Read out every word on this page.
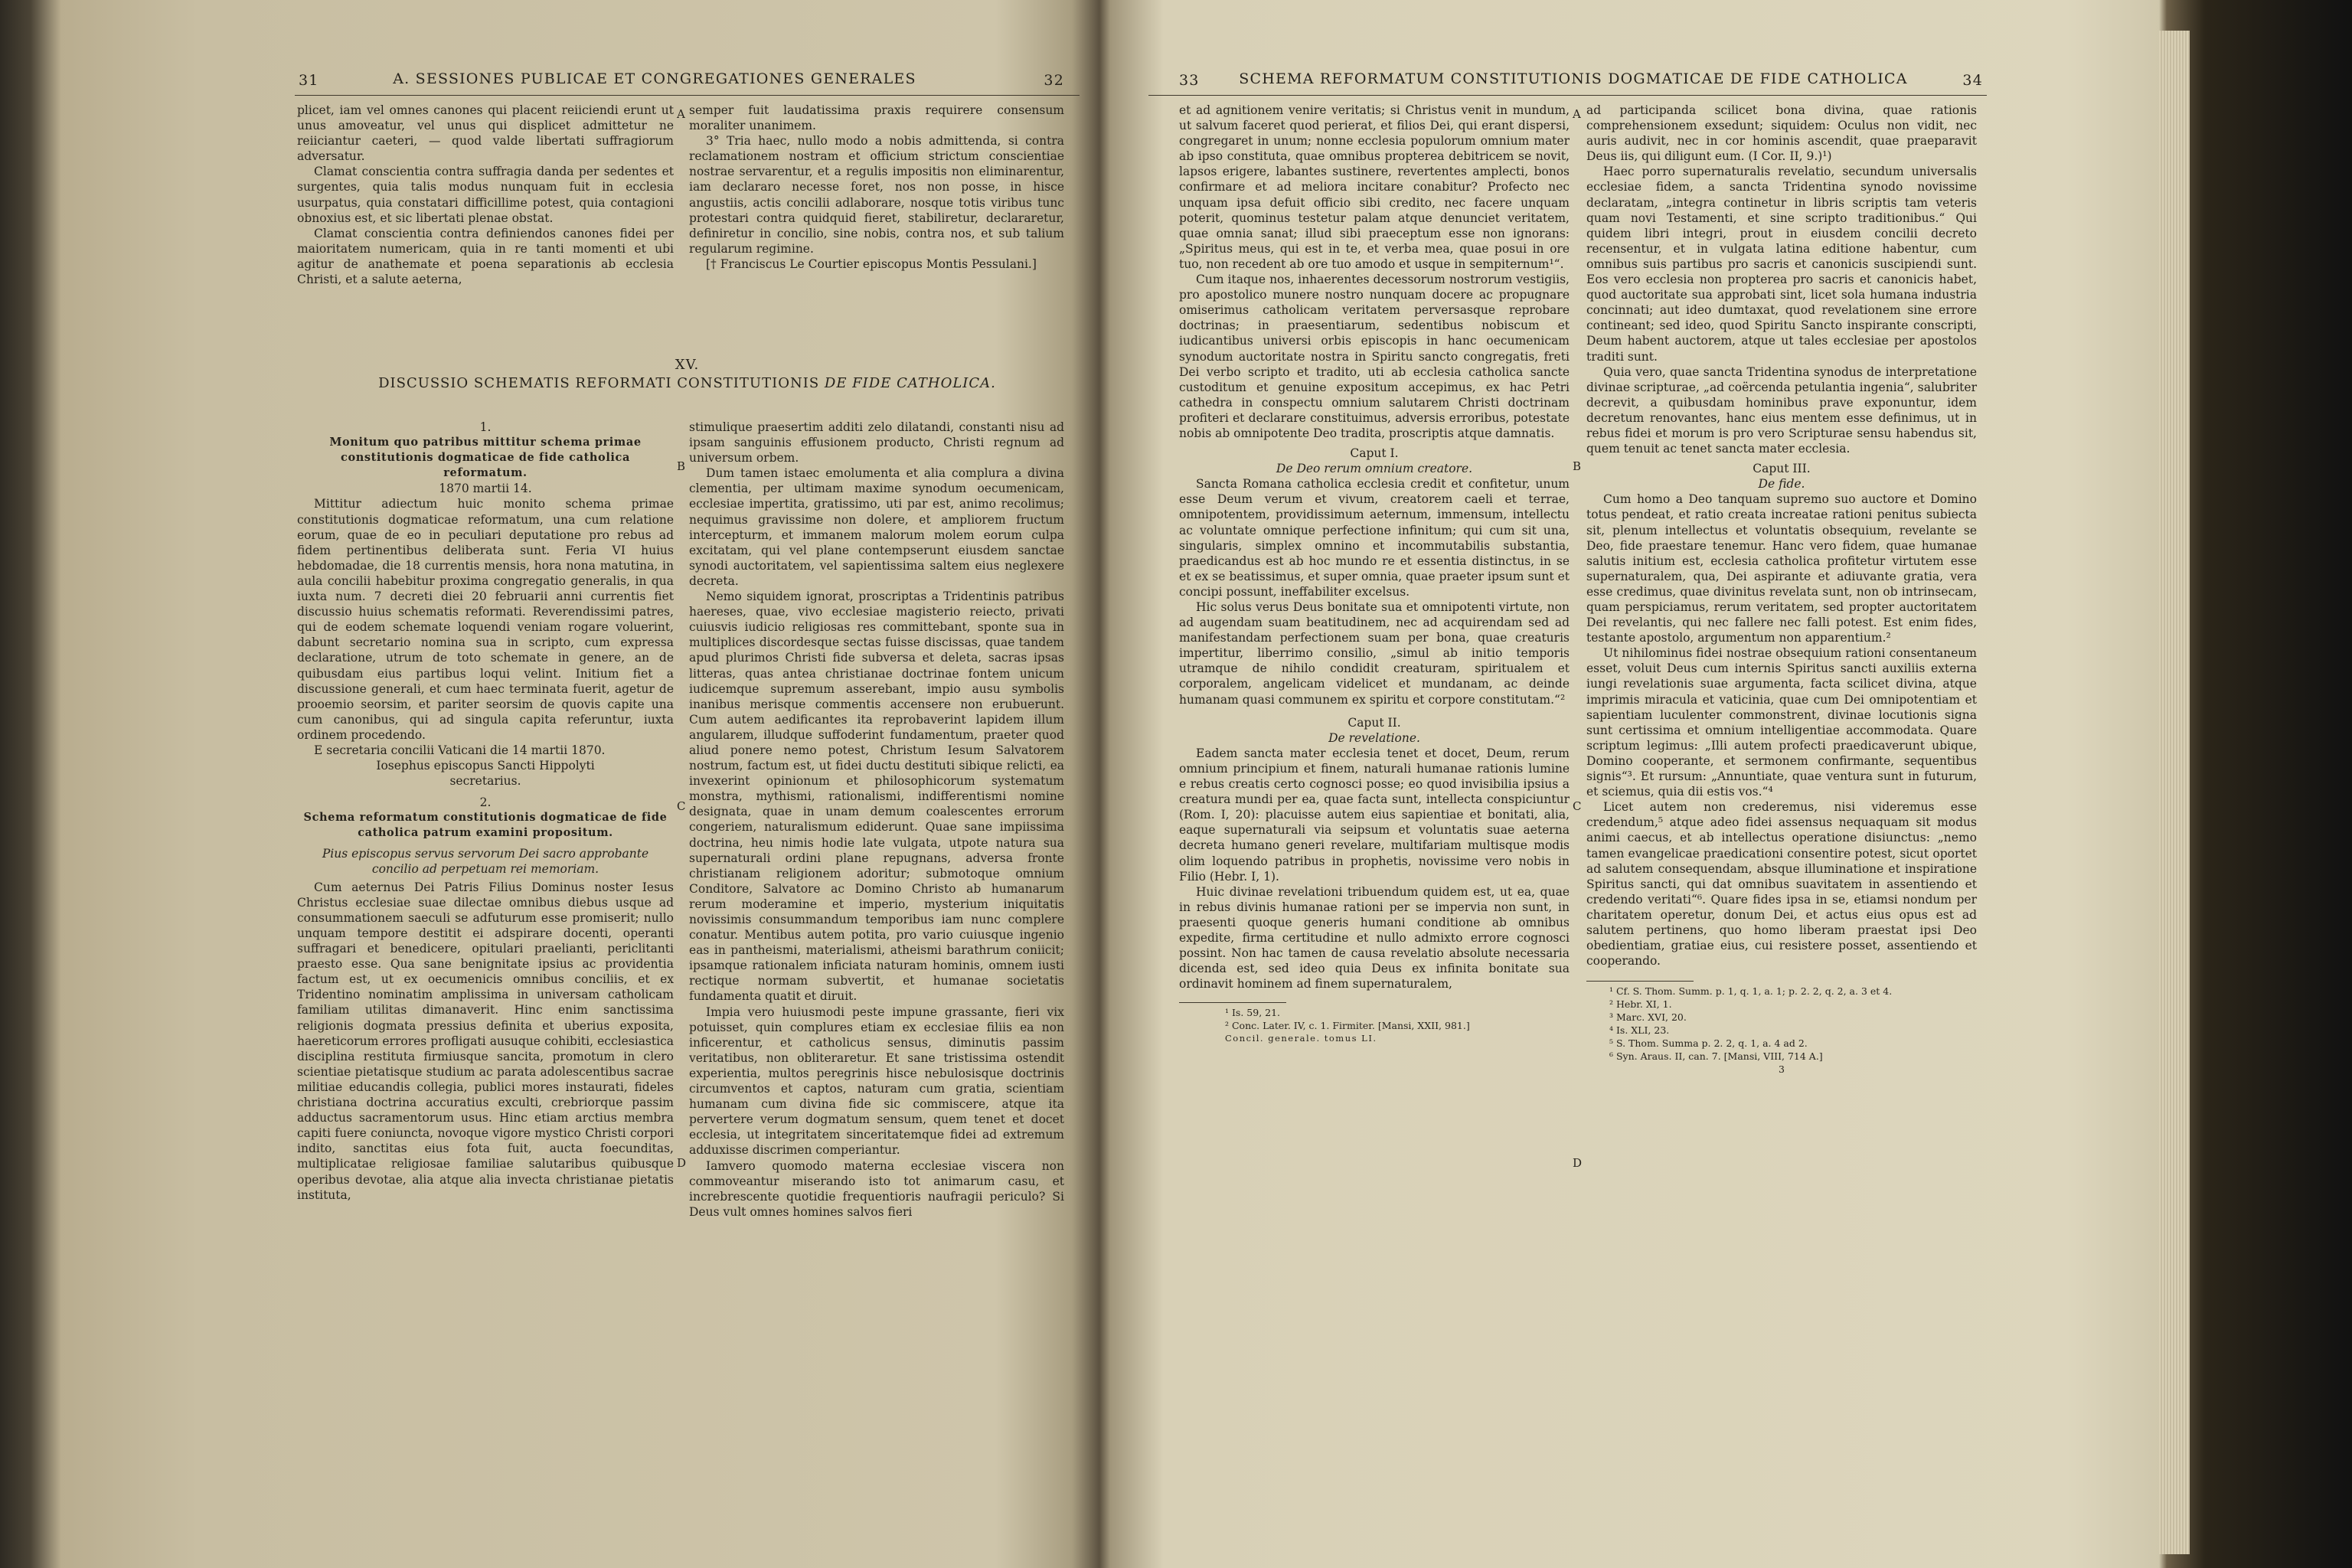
31	A. SESSIONES PUBLICAE ET CONGREGATIONES GENERALES	32

plicet, iam vel omnes canones qui placent reiiciendi erunt ut unus amoveatur, vel unus qui displicet admittetur ne reiiciantur caeteri, — quod valde libertati suffragiorum adversatur.

Clamat conscientia contra suffragia danda per sedentes et surgentes, quia talis modus nunquam fuit in ecclesia usurpatus, quia constatari difficillime potest, quia contagioni obnoxius est, et sic libertati plenae obstat.

Clamat conscientia contra definiendos canones fidei per maioritatem numericam, quia in re tanti momenti et ubi agitur de anathemate et poena separationis ab ecclesia Christi, et a salute aeterna,

semper fuit laudatissima praxis requirere consensum moraliter unanimem.

3° Tria haec, nullo modo a nobis admittenda, si contra reclamationem nostram et officium strictum conscientiae nostrae servarentur, et a regulis impositis non eliminarentur, iam declararo necesse foret, nos non posse, in hisce angustiis, actis concilii adlaborare, nosque totis viribus tunc protestari contra quidquid fieret, stabiliretur, declararetur, definiretur in concilio, sine nobis, contra nos, et sub talium regularum regimine.

[† Franciscus Le Courtier episcopus Montis Pessulani.]

XV.
DISCUSSIO SCHEMATIS REFORMATI CONSTITUTIONIS DE FIDE CATHOLICA.

1.

Monitum quo patribus mittitur schema primae constitutionis dogmaticae de fide catholica reformatum.

1870 martii 14.

Mittitur adiectum huic monito schema primae constitutionis dogmaticae reformatum, una cum relatione eorum, quae de eo in peculiari deputatione pro rebus ad fidem pertinentibus deliberata sunt. Feria VI huius hebdomadae, die 18 currentis mensis, hora nona matutina, in aula concilii habebitur proxima congregatio generalis, in qua iuxta num. 7 decreti diei 20 februarii anni currentis fiet discussio huius schematis reformati. Reverendissimi patres, qui de eodem schemate loquendi veniam rogare voluerint, dabunt secretario nomina sua in scripto, cum expressa declaratione, utrum de toto schemate in genere, an de quibusdam eius partibus loqui velint. Initium fiet a discussione generali, et cum haec terminata fuerit, agetur de prooemio seorsim, et pariter seorsim de quovis capite una cum canonibus, qui ad singula capita referuntur, iuxta ordinem procedendo.

E secretaria concilii Vaticani die 14 martii 1870.

Iosephus episcopus Sancti Hippolyti

secretarius.

2.

Schema reformatum constitutionis dogmaticae de fide catholica patrum examini propositum.

Pius episcopus servus servorum Dei sacro approbante concilio ad perpetuam rei memoriam.

Cum aeternus Dei Patris Filius Dominus noster Iesus Christus ecclesiae suae dilectae omnibus diebus usque ad consummationem saeculi se adfuturum esse promiserit; nullo unquam tempore destitit ei adspirare docenti, operanti suffragari et benedicere, opitulari praelianti, periclitanti praesto esse. Qua sane benignitate ipsius ac providentia factum est, ut ex oecumenicis omnibus conciliis, et ex Tridentino nominatim amplissima in universam catholicam familiam utilitas dimanaverit. Hinc enim sanctissima religionis dogmata pressius definita et uberius exposita, haereticorum errores profligati ausuque cohibiti, ecclesiastica disciplina restituta firmiusque sancita, promotum in clero scientiae pietatisque studium ac parata adolescentibus sacrae militiae educandis collegia, publici mores instaurati, fideles christiana doctrina accuratius exculti, crebriorque passim adductus sacramentorum usus. Hinc etiam arctius membra capiti fuere coniuncta, novoque vigore mystico Christi corpori indito, sanctitas eius fota fuit, aucta foecunditas, multiplicataе religiosae familiae salutaribus quibusque operibus devotae, alia atque alia invecta christianae pietatis instituta,

stimulique praesertim additi zelo dilatandi, constanti nisu ad ipsam sanguinis effusionem producto, Christi regnum ad universum orbem.

Dum tamen istaec emolumenta et alia complura a divina clementia, per ultimam maxime synodum oecumenicam, ecclesiae impertita, gratissimo, uti par est, animo recolimus; nequimus gravissime non dolere, et ampliorem fructum intercepturm, et immanem malorum molem eorum culpa excitatam, qui vel plane contempserunt eiusdem sanctae synodi auctoritatem, vel sapientissima saltem eius neglexere decreta.

Nemo siquidem ignorat, proscriptas a Tridentinis patribus haereses, quae, vivo ecclesiae magisterio reiecto, privati cuiusvis iudicio religiosas res committebant, sponte sua in multiplices discordesque sectas fuisse discissas, quae tandem apud plurimos Christi fide subversa et deleta, sacras ipsas litteras, quas antea christianae doctrinae fontem unicum iudicemque supremum asserebant, impio ausu symbolis inanibus merisque commentis accensere non erubuerunt. Cum autem aedificantes ita reprobaverint lapidem illum angularem, illudque suffoderint fundamentum, praeter quod aliud ponere nemo potest, Christum Iesum Salvatorem nostrum, factum est, ut fidei ductu destituti sibique relicti, ea invexerint opinionum et philosophicorum systematum monstra, mythismi, rationalismi, indifferentismi nomine designata, quae in unam demum coalescentes errorum congeriem, naturalismum ediderunt. Quae sane impiissima doctrina, heu nimis hodie late vulgata, utpote natura sua supernaturali ordini plane repugnans, adversa fronte christianam religionem adoritur; submotoque omnium Conditore, Salvatore ac Domino Christo ab humanarum rerum moderamine et imperio, mysterium iniquitatis novissimis consummandum temporibus iam nunc complere conatur. Mentibus autem potita, pro vario cuiusque ingenio eas in pantheismi, materialismi, atheismi barathrum coniicit; ipsamque rationalem inficiata naturam hominis, omnem iusti rectique normam subvertit, et humanae societatis fundamenta quatit et diruit.

Impia vero huiusmodi peste impune grassante, fieri vix potuisset, quin complures etiam ex ecclesiae filiis ea non inficerentur, et catholicus sensus, diminutis passim veritatibus, non obliteraretur. Et sane tristissima ostendit experientia, multos peregrinis hisce nebulosisque doctrinis circumventos et captos, naturam cum gratia, scientiam humanam cum divina fide sic commiscere, atque ita pervertere verum dogmatum sensum, quem tenet et docet ecclesia, ut integritatem sinceritatemque fidei ad extremum adduxisse discrimen comperiantur.

Iamvero quomodo materna ecclesiae viscera non commoveantur miserando isto tot animarum casu, et increbrescente quotidie frequentioris naufragii periculo? Si Deus vult omnes homines salvos fieri

A
B
C
D
33	SCHEMA REFORMATUM CONSTITUTIONIS DOGMATICAE DE FIDE CATHOLICA	34

et ad agnitionem venire veritatis; si Christus venit in mundum, ut salvum faceret quod perierat, et filios Dei, qui erant dispersi, congregaret in unum; nonne ecclesia populorum omnium mater ab ipso constituta, quae omnibus propterea debitricem se novit, lapsos erigere, labantes sustinere, revertentes amplecti, bonos confirmare et ad meliora incitare conabitur? Profecto nec unquam ipsa defuit officio sibi credito, nec facere unquam poterit, quominus testetur palam atque denunciet veritatem, quae omnia sanat; illud sibi praeceptum esse non ignorans: „Spiritus meus, qui est in te, et verba mea, quae posui in ore tuo, non recedent ab ore tuo amodo et usque in sempiternum¹“.

Cum itaque nos, inhaerentes decessorum nostrorum vestigiis, pro apostolico munere nostro nunquam docere ac propugnare omiserimus catholicam veritatem perversasque reprobare doctrinas; in praesentiarum, sedentibus nobiscum et iudicantibus universi orbis episcopis in hanc oecumenicam synodum auctoritate nostra in Spiritu sancto congregatis, freti Dei verbo scripto et tradito, uti ab ecclesia catholica sancte custoditum et genuine expositum accepimus, ex hac Petri cathedra in conspectu omnium salutarem Christi doctrinam profiteri et declarare constituimus, adversis erroribus, potestate nobis ab omnipotente Deo tradita, proscriptis atque damnatis.

Caput I.

De Deo rerum omnium creatore.

Sancta Romana catholica ecclesia credit et confitetur, unum esse Deum verum et vivum, creatorem caeli et terrae, omnipotentem, providissimum aeternum, immensum, intellectu ac voluntate omnique perfectione infinitum; qui cum sit una, singularis, simplex omnino et incommutabilis substantia, praedicandus est ab hoc mundo re et essentia distinctus, in se et ex se beatissimus, et super omnia, quae praeter ipsum sunt et concipi possunt, ineffabiliter excelsus.

Hic solus verus Deus bonitate sua et omnipotenti virtute, non ad augendam suam beatitudinem, nec ad acquirendam sed ad manifestandam perfectionem suam per bona, quae creaturis impertitur, liberrimo consilio, „simul ab initio temporis utramque de nihilo condidit creaturam, spiritualem et corporalem, angelicam videlicet et mundanam, ac deinde humanam quasi communem ex spiritu et corpore constitutam.“²

Caput II.

De revelatione.

Eadem sancta mater ecclesia tenet et docet, Deum, rerum omnium principium et finem, naturali humanae rationis lumine e rebus creatis certo cognosci posse; eo quod invisibilia ipsius a creatura mundi per ea, quae facta sunt, intellecta conspiciuntur (Rom. I, 20): placuisse autem eius sapientiae et bonitati, alia, eaque supernaturali via seipsum et voluntatis suae aeterna decreta humano generi revelare, multifariam multisque modis olim loquendo patribus in prophetis, novissime vero nobis in Filio (Hebr. I, 1).

Huic divinae revelationi tribuendum quidem est, ut ea, quae in rebus divinis humanae rationi per se imperviа non sunt, in praesenti quoque generis humani conditione ab omnibus expedite, firma certitudine et nullo admixto errore cognosci possint. Non hac tamen de causa revelatio absolute necessaria dicenda est, sed ideo quia Deus ex infinita bonitate sua ordinavit hominem ad finem supernaturalem,

¹ Is. 59, 21.

² Conc. Later. IV, c. 1. Firmiter. [Mansi, XXII, 981.]

Concil. generale. tomus LI.

ad participanda scilicet bona divina, quae rationis comprehensionem exsedunt; siquidem: Oculus non vidit, nec auris audivit, nec in cor hominis ascendit, quae praeparavit Deus iis, qui diligunt eum. (I Cor. II, 9.)¹)

Haec porro supernaturalis revelatio, secundum universalis ecclesiae fidem, a sancta Tridentina synodo novissime declaratam, „integra continetur in libris scriptis tam veteris quam novi Testamenti, et sine scripto traditionibus.“ Qui quidem libri integri, prout in eiusdem concilii decreto recensentur, et in vulgata latina editione habentur, cum omnibus suis partibus pro sacris et canonicis suscipiendi sunt. Eos vero ecclesia non propterea pro sacris et canonicis habet, quod auctoritate sua approbati sint, licet sola humana industria concinnati; aut ideo dumtaxat, quod revelationem sine errore contineant; sed ideo, quod Spiritu Sancto inspirante conscripti, Deum habent auctorem, atque ut tales ecclesiae per apostolos traditi sunt.

Quia vero, quae sancta Tridentina synodus de interpretatione divinae scripturae, „ad coërcenda petulantia ingenia“, salubriter decrevit, a quibusdam hominibus prave exponuntur, idem decretum renovantes, hanc eius mentem esse definimus, ut in rebus fidei et morum is pro vero Scripturae sensu habendus sit, quem tenuit ac tenet sancta mater ecclesia.

Caput III.

De fide.

Cum homo a Deo tanquam supremo suo auctore et Domino totus pendeat, et ratio creata increatae rationi penitus subiecta sit, plenum intellectus et voluntatis obsequium, revelante se Deo, fide praestare tenemur. Hanc vero fidem, quae humanae salutis initium est, ecclesia catholica profitetur virtutem esse supernaturalem, qua, Dei aspirante et adiuvante gratia, vera esse credimus, quae divinitus revelata sunt, non ob intrinsecam, quam perspiciamus, rerum veritatem, sed propter auctoritatem Dei revelantis, qui nec fallere nec falli potest. Est enim fides, testante apostolo, argumentum non apparentium.²

Ut nihilominus fidei nostrae obsequium rationi consentaneum esset, voluit Deus cum internis Spiritus sancti auxiliis externa iungi revelationis suae argumenta, facta scilicet divina, atque imprimis miracula et vaticinia, quae cum Dei omnipotentiam et sapientiam luculenter commonstrent, divinae locutionis signa sunt certissima et omnium intelligentiae accommodata. Quare scriptum legimus: „Illi autem profecti praedicaverunt ubique, Domino cooperante, et sermonem confirmante, sequentibus signis“³. Et rursum: „Annuntiate, quae ventura sunt in futurum, et sciemus, quia dii estis vos.“⁴

Licet autem non crederemus, nisi videremus esse credendum,⁵ atque adeo fidei assensus nequaquam sit modus animi caecus, et ab intellectus operatione disiunctus: „nemo tamen evangelicae praedicationi consentire potest, sicut oportet ad salutem consequendam, absque illuminatione et inspiratione Spiritus sancti, qui dat omnibus suavitatem in assentiendo et credendo veritati“⁶. Quare fides ipsa in se, etiamsi nondum per charitatem operetur, donum Dei, et actus eius opus est ad salutem pertinens, quo homo liberam praestat ipsi Deo obedientiam, gratiae eius, cui resistere posset, assentiendo et cooperando.

¹ Cf. S. Thom. Summ. p. 1, q. 1, a. 1; p. 2. 2, q. 2, a. 3 et 4.

² Hebr. XI, 1.

³ Marc. XVI, 20.

⁴ Is. XLI, 23.

⁵ S. Thom. Summa p. 2. 2, q. 1, a. 4 ad 2.

⁶ Syn. Araus. II, can. 7. [Mansi, VIII, 714 A.]

3

A
B
C
D
